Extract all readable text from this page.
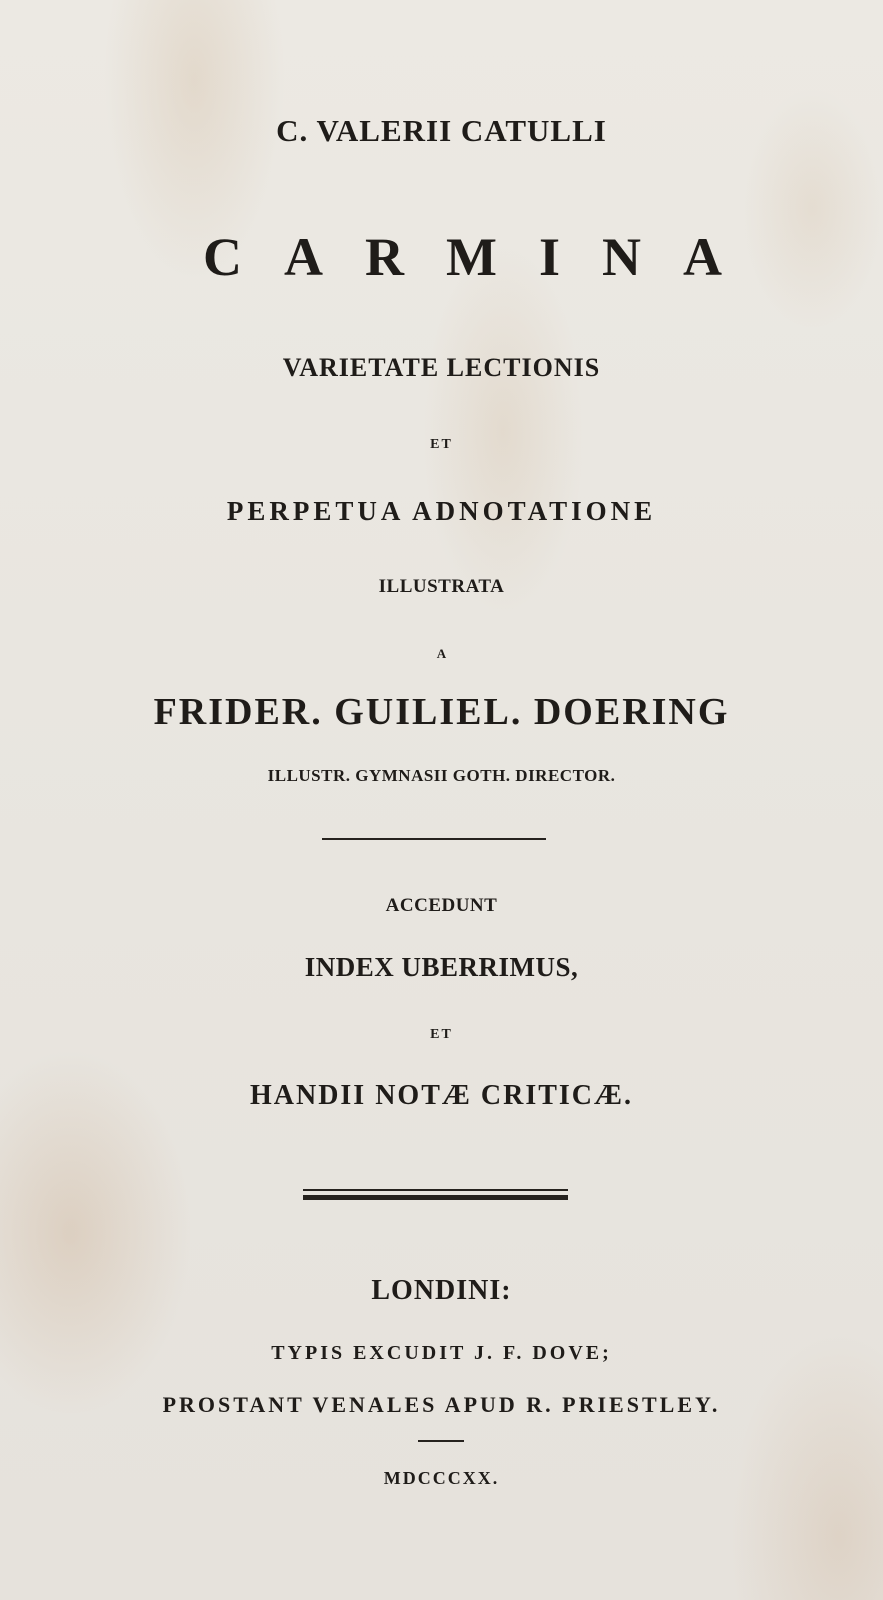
C. VALERII CATULLI
CARMINA
VARIETATE LECTIONIS
ET
PERPETUA ADNOTATIONE
ILLUSTRATA
A
FRIDER. GUILIEL. DOERING
ILLUSTR. GYMNASII GOTH. DIRECTOR.
ACCEDUNT
INDEX UBERRIMUS,
ET
HANDII NOTÆ CRITICÆ.
LONDINI:
TYPIS EXCUDIT J. F. DOVE;
PROSTANT VENALES APUD R. PRIESTLEY.
MDCCCXX.
